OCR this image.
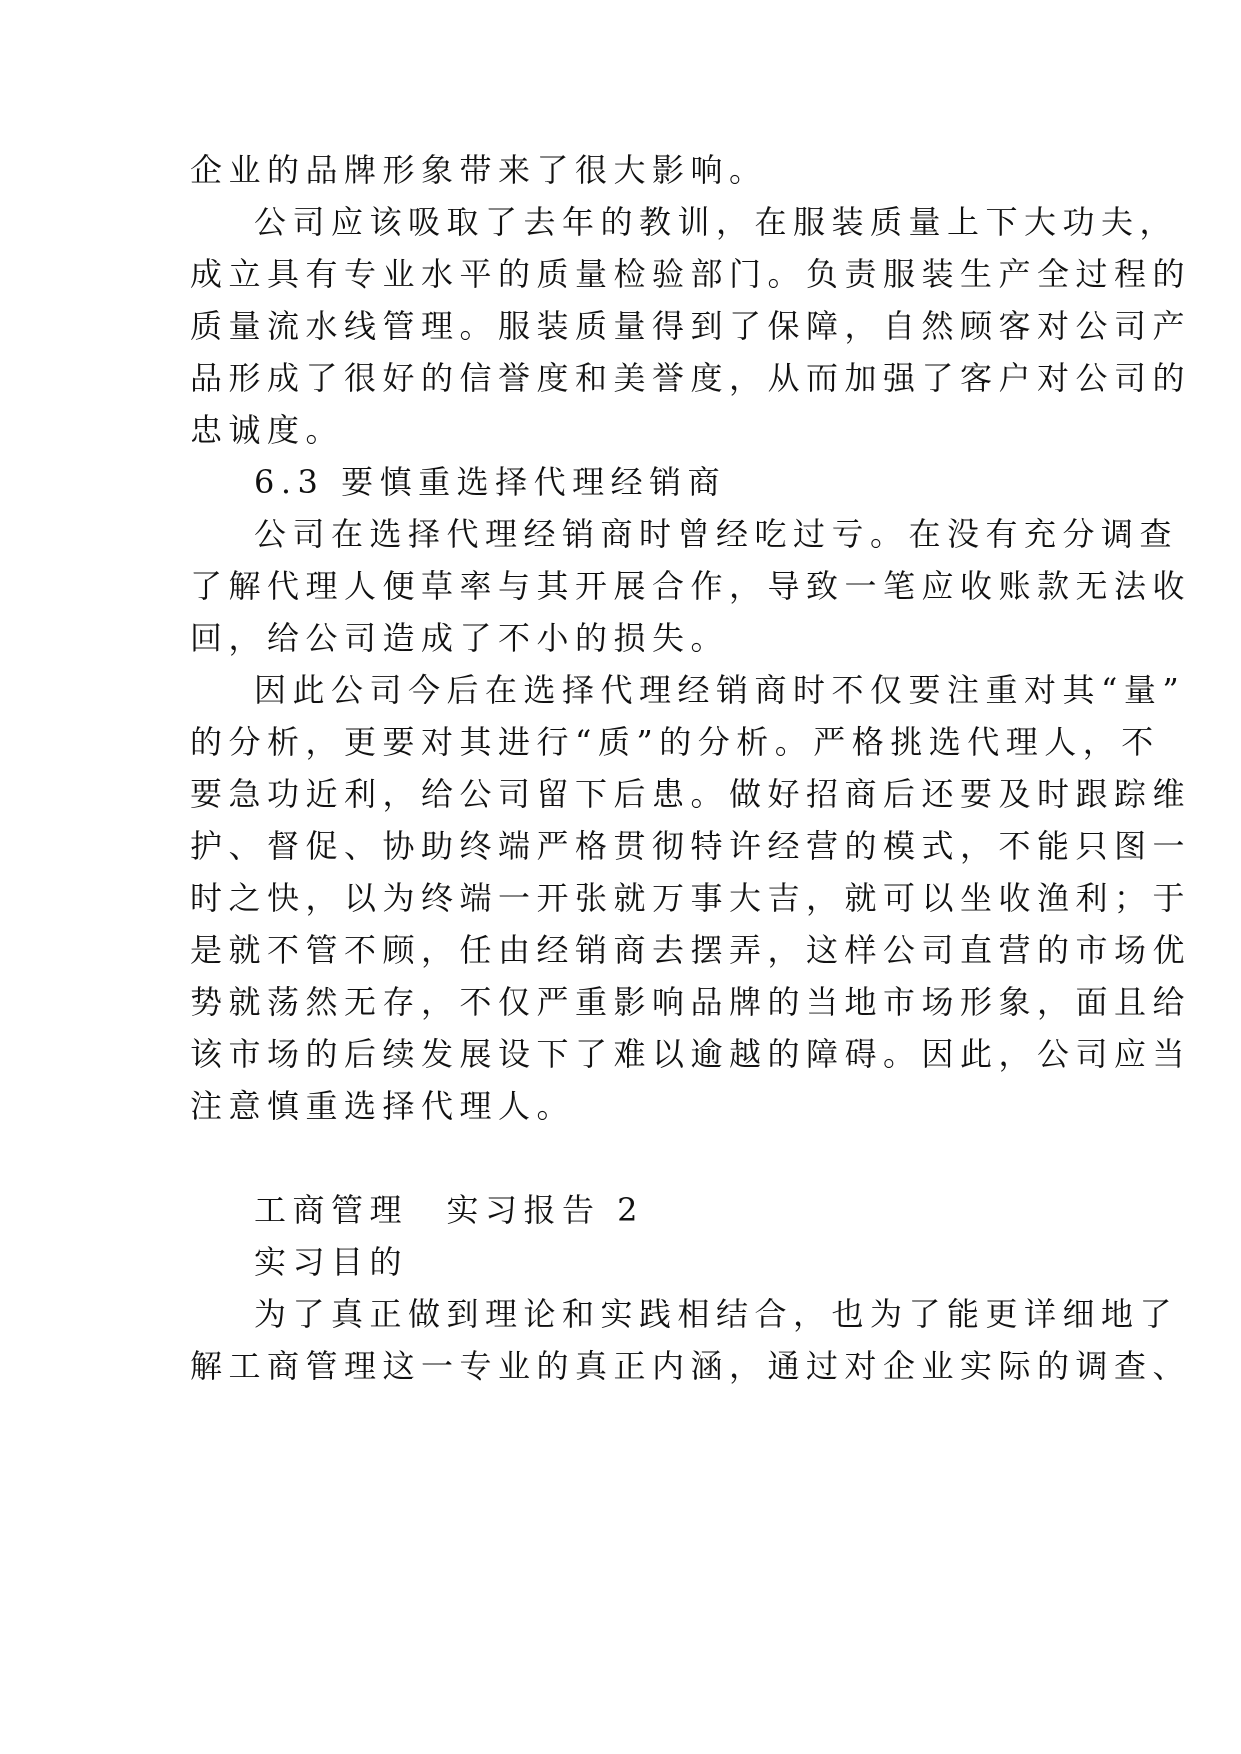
企业的品牌形象带来了很大影响。
公司应该吸取了去年的教训，在服装质量上下大功夫，
成立具有专业水平的质量检验部门。负责服装生产全过程的
质量流水线管理。服装质量得到了保障，自然顾客对公司产
品形成了很好的信誉度和美誉度，从而加强了客户对公司的
忠诚度。
6.3 要慎重选择代理经销商
公司在选择代理经销商时曾经吃过亏。在没有充分调查
了解代理人便草率与其开展合作，导致一笔应收账款无法收
回，给公司造成了不小的损失。
因此公司今后在选择代理经销商时不仅要注重对其“量”
的分析，更要对其进行“质”的分析。严格挑选代理人，不
要急功近利，给公司留下后患。做好招商后还要及时跟踪维
护、督促、协助终端严格贯彻特许经营的模式，不能只图一
时之快，以为终端一开张就万事大吉，就可以坐收渔利；于
是就不管不顾，任由经销商去摆弄，这样公司直营的市场优
势就荡然无存，不仅严重影响品牌的当地市场形象，面且给
该市场的后续发展设下了难以逾越的障碍。因此，公司应当
注意慎重选择代理人。
工商管理　实习报告 2
实习目的
为了真正做到理论和实践相结合，也为了能更详细地了
解工商管理这一专业的真正内涵，通过对企业实际的调查、
